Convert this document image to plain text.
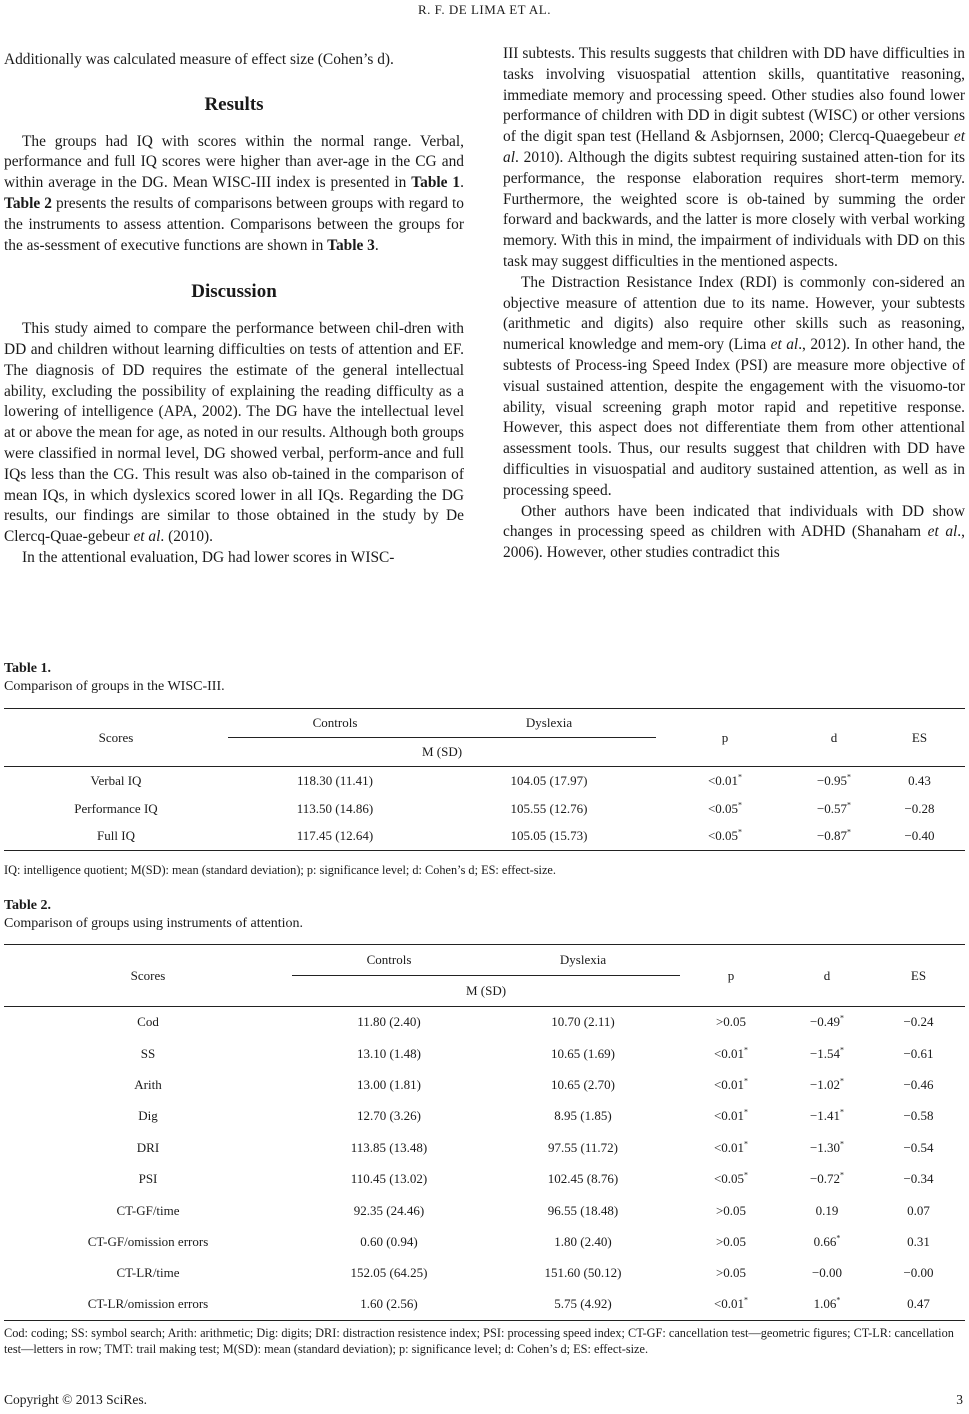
R. F. DE LIMA ET AL.

Additionally was calculated measure of effect size (Cohen’s d).

Results

The groups had IQ with scores within the normal range. Verbal, performance and full IQ scores were higher than aver-age in the CG and within average in the DG. Mean WISC-III index is presented in Table 1. Table 2 presents the results of comparisons between groups with regard to the instruments to assess attention. Comparisons between the groups for the as-sessment of executive functions are shown in Table 3.

Discussion

This study aimed to compare the performance between chil-dren with DD and children without learning difficulties on tests of attention and EF. The diagnosis of DD requires the estimate of the general intellectual ability, excluding the possibility of explaining the reading difficulty as a lowering of intelligence (APA, 2002). The DG have the intellectual level at or above the mean for age, as noted in our results. Although both groups were classified in normal level, DG showed verbal, perform-ance and full IQs less than the CG. This result was also ob-tained in the comparison of mean IQs, in which dyslexics scored lower in all IQs. Regarding the DG results, our findings are similar to those obtained in the study by De Clercq-Quae-gebeur et al. (2010).

In the attentional evaluation, DG had lower scores in WISC-

III subtests. This results suggests that children with DD have difficulties in tasks involving visuospatial attention skills, quantitative reasoning, immediate memory and processing speed. Other studies also found lower performance of children with DD in digit subtest (WISC) or other versions of the digit span test (Helland & Asbjornsen, 2000; Clercq-Quaegebeur et al. 2010). Although the digits subtest requiring sustained atten-tion for its performance, the response elaboration requires short-term memory. Furthermore, the weighted score is ob-tained by summing the order forward and backwards, and the latter is more closely with verbal working memory. With this in mind, the impairment of individuals with DD on this task may suggest difficulties in the mentioned aspects.

The Distraction Resistance Index (RDI) is commonly con-sidered an objective measure of attention due to its name. However, your subtests (arithmetic and digits) also require other skills such as reasoning, numerical knowledge and mem-ory (Lima et al., 2012). In other hand, the subtests of Process-ing Speed Index (PSI) are measure more objective of visual sustained attention, despite the engagement with the visuomo-tor ability, visual screening graph motor rapid and repetitive response. However, this aspect does not differentiate them from other attentional assessment tools. Thus, our results suggest that children with DD have difficulties in visuospatial and auditory sustained attention, as well as in processing speed.

Other authors have been indicated that individuals with DD show changes in processing speed as children with ADHD (Shanaham et al., 2006). However, other studies contradict this

Table 1.
Comparison of groups in the WISC-III.
Scores	Controls	Dyslexia	p	d	ES
	M (SD)				
Verbal IQ	118.30 (11.41)	104.05 (17.97)	<0.01*	−0.95*	0.43
Performance IQ	113.50 (14.86)	105.55 (12.76)	<0.05*	−0.57*	−0.28
Full IQ	117.45 (12.64)	105.05 (15.73)	<0.05*	−0.87*	−0.40
IQ: intelligence quotient; M(SD): mean (standard deviation); p: significance level; d: Cohen’s d; ES: effect-size.
Table 2.
Comparison of groups using instruments of attention.
Scores	Controls	Dyslexia	p	d	ES
	M (SD)				
Cod	11.80 (2.40)	10.70 (2.11)	>0.05	−0.49*	−0.24
SS	13.10 (1.48)	10.65 (1.69)	<0.01*	−1.54*	−0.61
Arith	13.00 (1.81)	10.65 (2.70)	<0.01*	−1.02*	−0.46
Dig	12.70 (3.26)	8.95 (1.85)	<0.01*	−1.41*	−0.58
DRI	113.85 (13.48)	97.55 (11.72)	<0.01*	−1.30*	−0.54
PSI	110.45 (13.02)	102.45 (8.76)	<0.05*	−0.72*	−0.34
CT-GF/time	92.35 (24.46)	96.55 (18.48)	>0.05	0.19	0.07
CT-GF/omission errors	0.60 (0.94)	1.80 (2.40)	>0.05	0.66*	0.31
CT-LR/time	152.05 (64.25)	151.60 (50.12)	>0.05	−0.00	−0.00
CT-LR/omission errors	1.60 (2.56)	5.75 (4.92)	<0.01*	1.06*	0.47
Cod: coding; SS: symbol search; Arith: arithmetic; Dig: digits; DRI: distraction resistence index; PSI: processing speed index; CT-GF: cancellation test—geometric figures; CT-LR: cancellation test—letters in row; TMT: trail making test; M(SD): mean (standard deviation); p: significance level; d: Cohen’s d; ES: effect-size.
Copyright © 2013 SciRes.	3
